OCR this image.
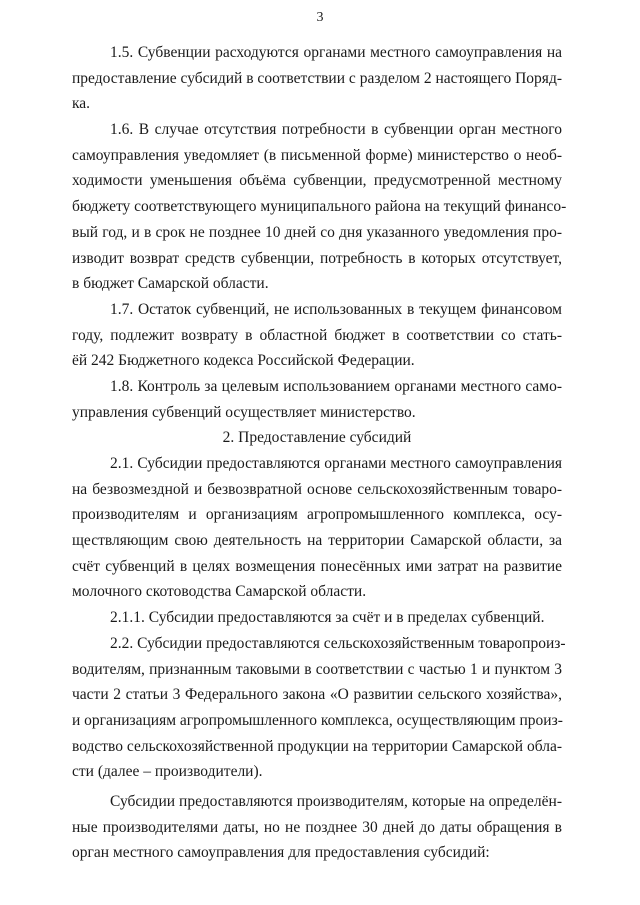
3
1.5. Субвенции расходуются органами местного самоуправления на
предоставление субсидий в соответствии с разделом 2 настоящего Поряд-
ка.
1.6. В случае отсутствия потребности в субвенции орган местного
самоуправления уведомляет (в письменной форме) министерство о необ-
ходимости уменьшения объёма субвенции, предусмотренной местному
бюджету соответствующего муниципального района на текущий финансо-
вый год, и в срок не позднее 10 дней со дня указанного уведомления про-
изводит возврат средств субвенции, потребность в которых отсутствует,
в бюджет Самарской области.
1.7. Остаток субвенций, не использованных в текущем финансовом
году, подлежит возврату в областной бюджет в соответствии со стать-
ёй 242 Бюджетного кодекса Российской Федерации.
1.8. Контроль за целевым использованием органами местного само-
управления субвенций осуществляет министерство.
2. Предоставление субсидий
2.1. Субсидии предоставляются органами местного самоуправления
на безвозмездной и безвозвратной основе сельскохозяйственным товаро-
производителям и организациям агропромышленного комплекса, осу-
ществляющим свою деятельность на территории Самарской области, за
счёт субвенций в целях возмещения понесённых ими затрат на развитие
молочного скотоводства Самарской области.
2.1.1. Субсидии предоставляются за счёт и в пределах субвенций.
2.2. Субсидии предоставляются сельскохозяйственным товаропроиз-
водителям, признанным таковыми в соответствии с частью 1 и пунктом 3
части 2 статьи 3 Федерального закона «О развитии сельского хозяйства»,
и организациям агропромышленного комплекса, осуществляющим произ-
водство сельскохозяйственной продукции на территории Самарской обла-
сти (далее – производители).
Субсидии предоставляются производителям, которые на определён-
ные производителями даты, но не позднее 30 дней до даты обращения в
орган местного самоуправления для предоставления субсидий:
